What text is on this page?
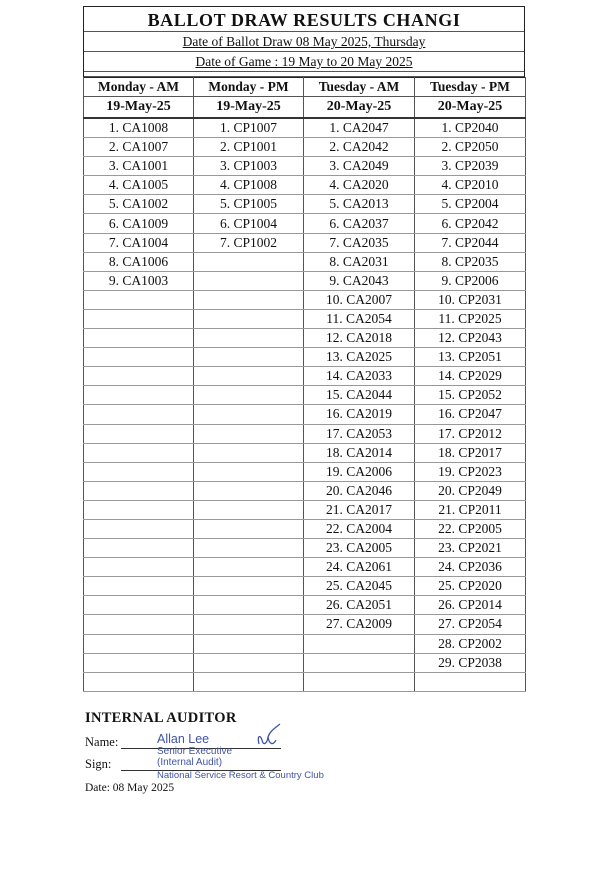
BALLOT DRAW RESULTS CHANGI
Date of Ballot Draw 08 May 2025, Thursday
Date of Game : 19 May to 20 May 2025
Monday - AM	Monday - PM	Tuesday - AM	Tuesday - PM
19-May-25	19-May-25	20-May-25	20-May-25
1. CA1008	1. CP1007	1. CA2047	1. CP2040
2. CA1007	2. CP1001	2. CA2042	2. CP2050
3. CA1001	3. CP1003	3. CA2049	3. CP2039
4. CA1005	4. CP1008	4. CA2020	4. CP2010
5. CA1002	5. CP1005	5. CA2013	5. CP2004
6. CA1009	6. CP1004	6. CA2037	6. CP2042
7. CA1004	7. CP1002	7. CA2035	7. CP2044
8. CA1006		8. CA2031	8. CP2035
9. CA1003		9. CA2043	9. CP2006
		10. CA2007	10. CP2031
		11. CA2054	11. CP2025
		12. CA2018	12. CP2043
		13. CA2025	13. CP2051
		14. CA2033	14. CP2029
		15. CA2044	15. CP2052
		16. CA2019	16. CP2047
		17. CA2053	17. CP2012
		18. CA2014	18. CP2017
		19. CA2006	19. CP2023
		20. CA2046	20. CP2049
		21. CA2017	21. CP2011
		22. CA2004	22. CP2005
		23. CA2005	23. CP2021
		24. CA2061	24. CP2036
		25. CA2045	25. CP2020
		26. CA2051	26. CP2014
		27. CA2009	27. CP2054
			28. CP2002
			29. CP2038

INTERNAL AUDITOR
Name:
Sign:
Allan Lee
Senior Executive
(Internal Audit)
National Service Resort & Country Club
Date: 08 May 2025
